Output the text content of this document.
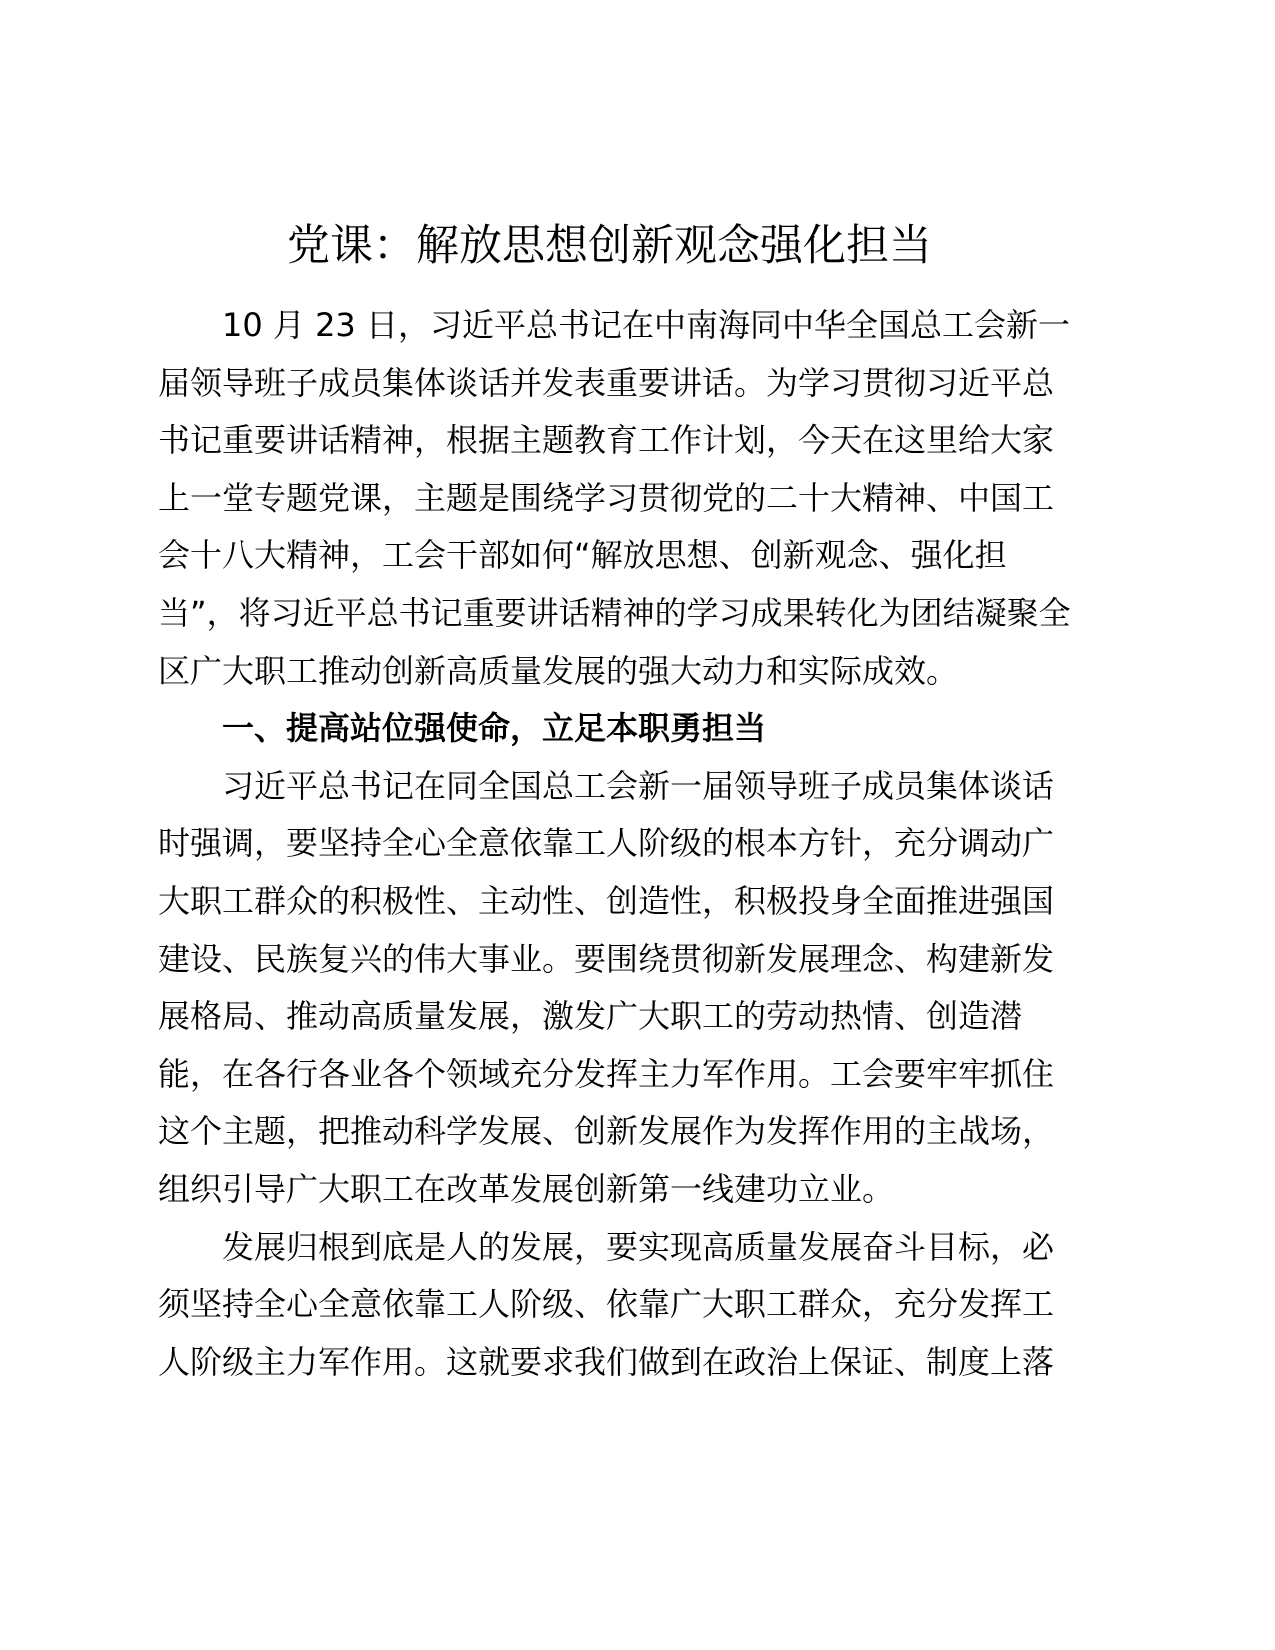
党课：解放思想创新观念强化担当
10 月 23 日，习近平总书记在中南海同中华全国总工会新一
届领导班子成员集体谈话并发表重要讲话。为学习贯彻习近平总
书记重要讲话精神，根据主题教育工作计划，今天在这里给大家
上一堂专题党课，主题是围绕学习贯彻党的二十大精神、中国工
会十八大精神，工会干部如何“解放思想、创新观念、强化担
当”，将习近平总书记重要讲话精神的学习成果转化为团结凝聚全
区广大职工推动创新高质量发展的强大动力和实际成效。
一、提高站位强使命，立足本职勇担当
习近平总书记在同全国总工会新一届领导班子成员集体谈话
时强调，要坚持全心全意依靠工人阶级的根本方针，充分调动广
大职工群众的积极性、主动性、创造性，积极投身全面推进强国
建设、民族复兴的伟大事业。要围绕贯彻新发展理念、构建新发
展格局、推动高质量发展，激发广大职工的劳动热情、创造潜
能，在各行各业各个领域充分发挥主力军作用。工会要牢牢抓住
这个主题，把推动科学发展、创新发展作为发挥作用的主战场，
组织引导广大职工在改革发展创新第一线建功立业。
发展归根到底是人的发展，要实现高质量发展奋斗目标，必
须坚持全心全意依靠工人阶级、依靠广大职工群众，充分发挥工
人阶级主力军作用。这就要求我们做到在政治上保证、制度上落
